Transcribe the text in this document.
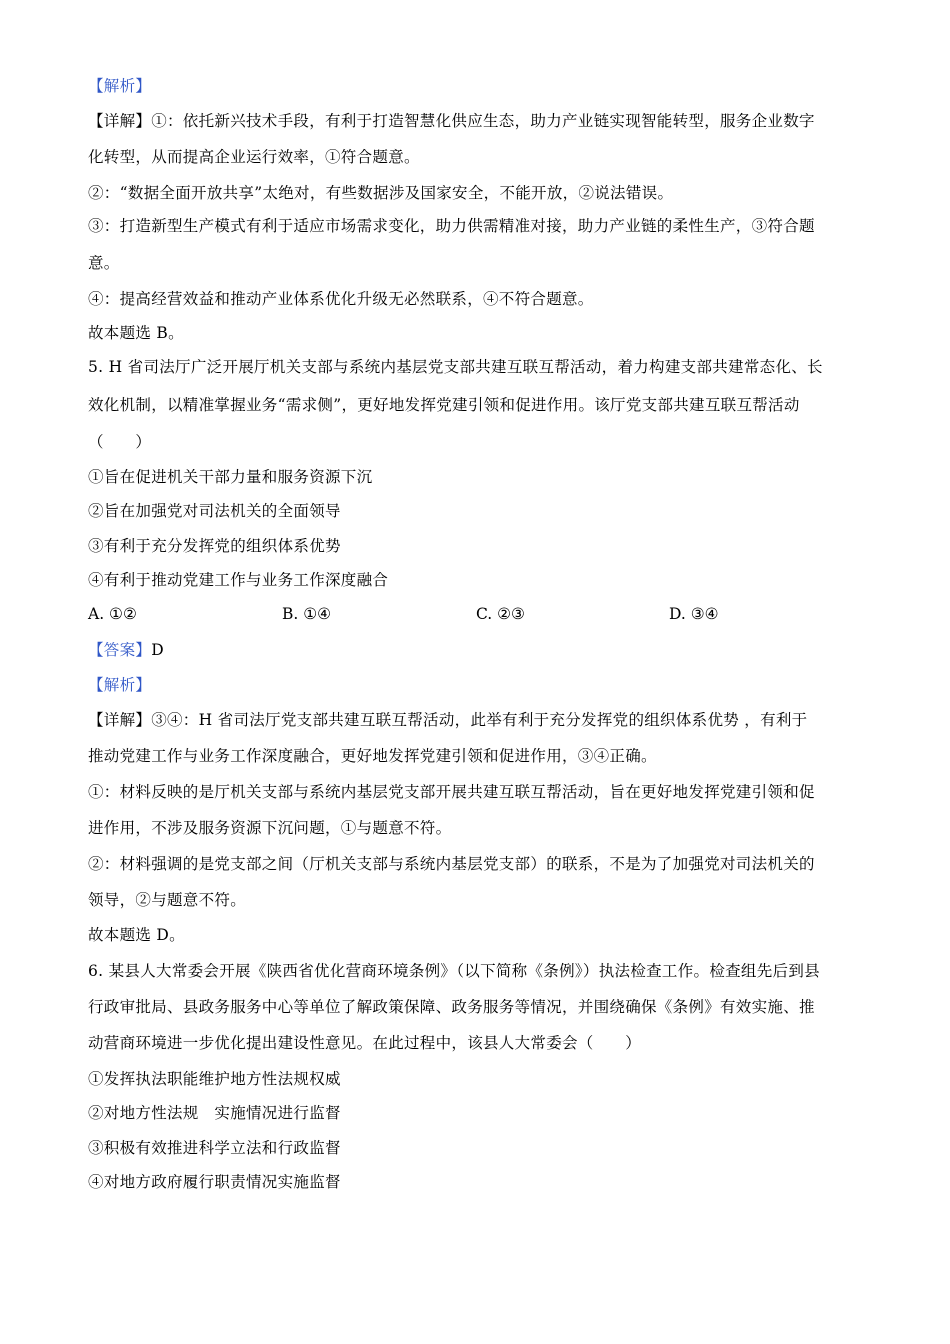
【解析】
【详解】①：依托新兴技术手段，有利于打造智慧化供应生态，助力产业链实现智能转型，服务企业数字
化转型，从而提高企业运行效率，①符合题意。
②：“数据全面开放共享”太绝对，有些数据涉及国家安全，不能开放，②说法错误。
③：打造新型生产模式有利于适应市场需求变化，助力供需精准对接，助力产业链的柔性生产，③符合题
意。
④：提高经营效益和推动产业体系优化升级无必然联系，④不符合题意。
故本题选 B。
5. H 省司法厅广泛开展厅机关支部与系统内基层党支部共建互联互帮活动，着力构建支部共建常态化、长
效化机制，以精准掌握业务“需求侧”，更好地发挥党建引领和促进作用。该厅党支部共建互联互帮活动
（　　）
①旨在促进机关干部力量和服务资源下沉
②旨在加强党对司法机关的全面领导
③有利于充分发挥党的组织体系优势
④有利于推动党建工作与业务工作深度融合
A. ①②	B. ①④	C. ②③	D. ③④
【答案】D
【解析】
【详解】③④：H 省司法厅党支部共建互联互帮活动，此举有利于充分发挥党的组织体系优势 ，有利于
推动党建工作与业务工作深度融合，更好地发挥党建引领和促进作用，③④正确。
①：材料反映的是厅机关支部与系统内基层党支部开展共建互联互帮活动，旨在更好地发挥党建引领和促
进作用，不涉及服务资源下沉问题，①与题意不符。
②：材料强调的是党支部之间（厅机关支部与系统内基层党支部）的联系，不是为了加强党对司法机关的
领导，②与题意不符。
故本题选 D。
6. 某县人大常委会开展《陕西省优化营商环境条例》（以下简称《条例》）执法检查工作。检查组先后到县
行政审批局、县政务服务中心等单位了解政策保障、政务服务等情况，并围绕确保《条例》有效实施、推
动营商环境进一步优化提出建设性意见。在此过程中，该县人大常委会（　　）
①发挥执法职能维护地方性法规权威
②对地方性法规　实施情况进行监督
③积极有效推进科学立法和行政监督
④对地方政府履行职责情况实施监督
